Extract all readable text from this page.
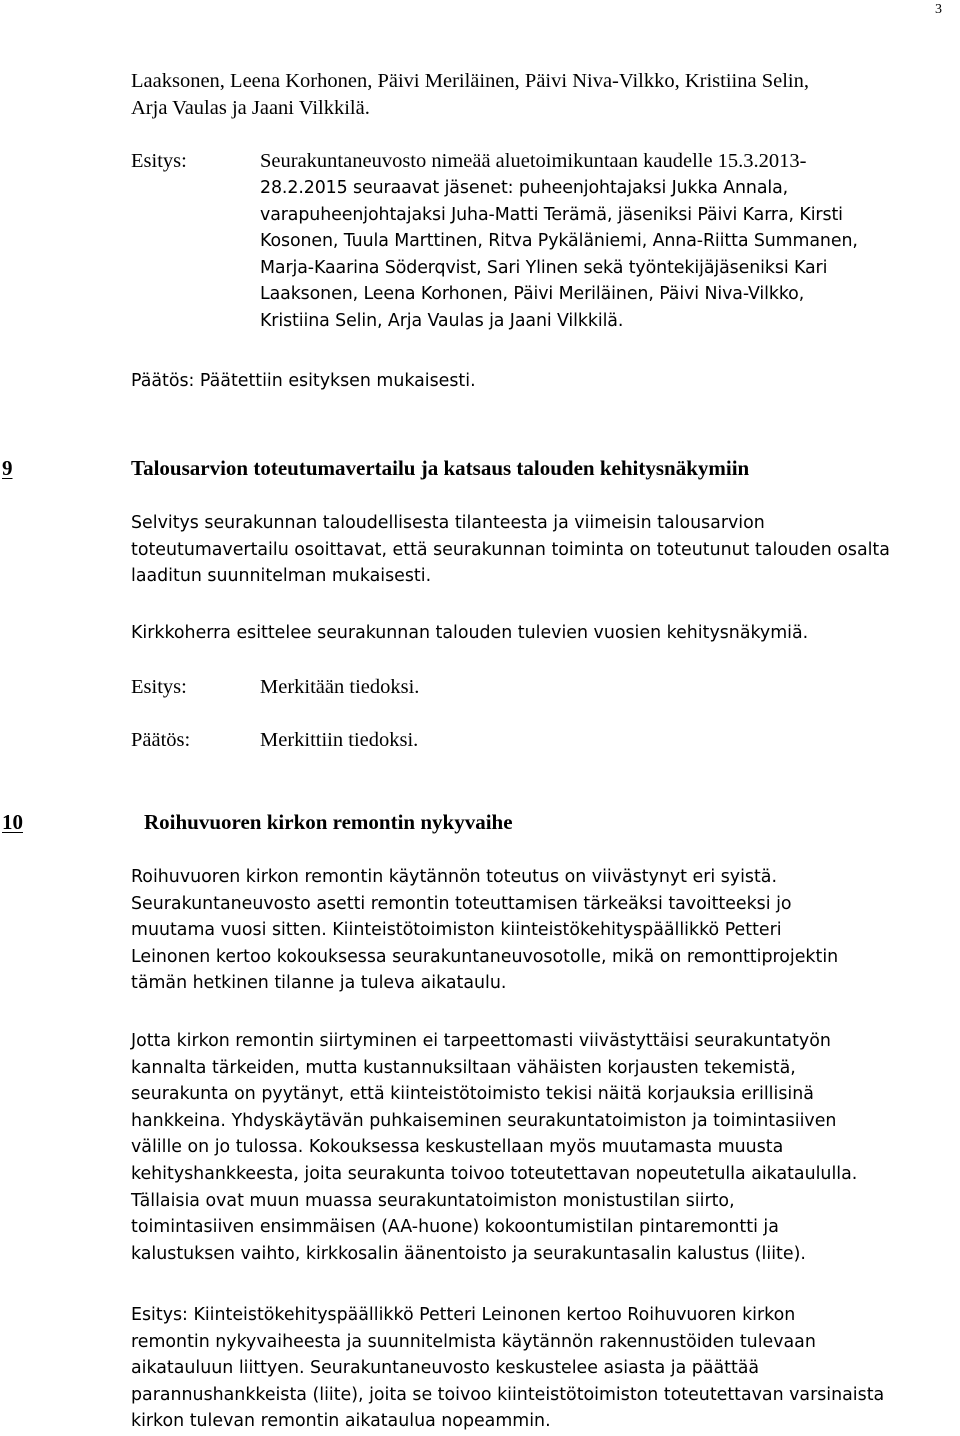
3
Laaksonen, Leena Korhonen, Päivi Meriläinen, Päivi Niva-Vilkko, Kristiina Selin,
Arja Vaulas ja Jaani Vilkkilä.
Esitys:	Seurakuntaneuvosto nimeää aluetoimikuntaan kaudelle 15.3.2013-
28.2.2015 seuraavat jäsenet: puheenjohtajaksi Jukka Annala,
varapuheenjohtajaksi Juha-Matti Terämä, jäseniksi Päivi Karra, Kirsti
Kosonen, Tuula Marttinen, Ritva Pykäläniemi, Anna-Riitta Summanen,
Marja-Kaarina Söderqvist, Sari Ylinen sekä työntekijäjäseniksi Kari
Laaksonen, Leena Korhonen, Päivi Meriläinen, Päivi Niva-Vilkko,
Kristiina Selin, Arja Vaulas ja Jaani Vilkkilä.
Päätös: Päätettiin esityksen mukaisesti.
9	Talousarvion toteutumavertailu ja katsaus talouden kehitysnäkymiin
Selvitys seurakunnan taloudellisesta tilanteesta ja viimeisin talousarvion
toteutumavertailu osoittavat, että seurakunnan toiminta on toteutunut talouden osalta
laaditun suunnitelman mukaisesti.
Kirkkoherra esittelee seurakunnan talouden tulevien vuosien kehitysnäkymiä.
Esitys:	Merkitään tiedoksi.
Päätös:	Merkittiin tiedoksi.
10	Roihuvuoren kirkon remontin nykyvaihe
Roihuvuoren kirkon remontin käytännön toteutus on viivästynyt eri syistä.
Seurakuntaneuvosto asetti remontin toteuttamisen tärkeäksi tavoitteeksi jo
muutama vuosi sitten. Kiinteistötoimiston kiinteistökehityspäällikkö Petteri
Leinonen kertoo kokouksessa seurakuntaneuvosotolle, mikä on remonttiprojektin
tämän hetkinen tilanne ja tuleva aikataulu.
Jotta kirkon remontin siirtyminen ei tarpeettomasti viivästyttäisi seurakuntatyön
kannalta tärkeiden, mutta kustannuksiltaan vähäisten korjausten tekemistä,
seurakunta on pyytänyt, että kiinteistötoimisto tekisi näitä korjauksia erillisinä
hankkeina. Yhdyskäytävän puhkaiseminen seurakuntatoimiston ja toimintasiiven
välille on jo tulossa. Kokouksessa keskustellaan myös muutamasta muusta
kehityshankkeesta, joita seurakunta toivoo toteutettavan nopeutetulla aikataululla.
Tällaisia ovat muun muassa seurakuntatoimiston monistustilan siirto,
toimintasiiven ensimmäisen (AA-huone) kokoontumistilan pintaremontti ja
kalustuksen vaihto, kirkkosalin äänentoisto ja seurakuntasalin kalustus (liite).
Esitys: Kiinteistökehityspäällikkö Petteri Leinonen kertoo Roihuvuoren kirkon
remontin nykyvaiheesta ja suunnitelmista käytännön rakennustöiden tulevaan
aikatauluun liittyen. Seurakuntaneuvosto keskustelee asiasta ja päättää
parannushankkeista (liite), joita se toivoo kiinteistötoimiston toteutettavan varsinaista
kirkon tulevan remontin aikataulua nopeammin.
